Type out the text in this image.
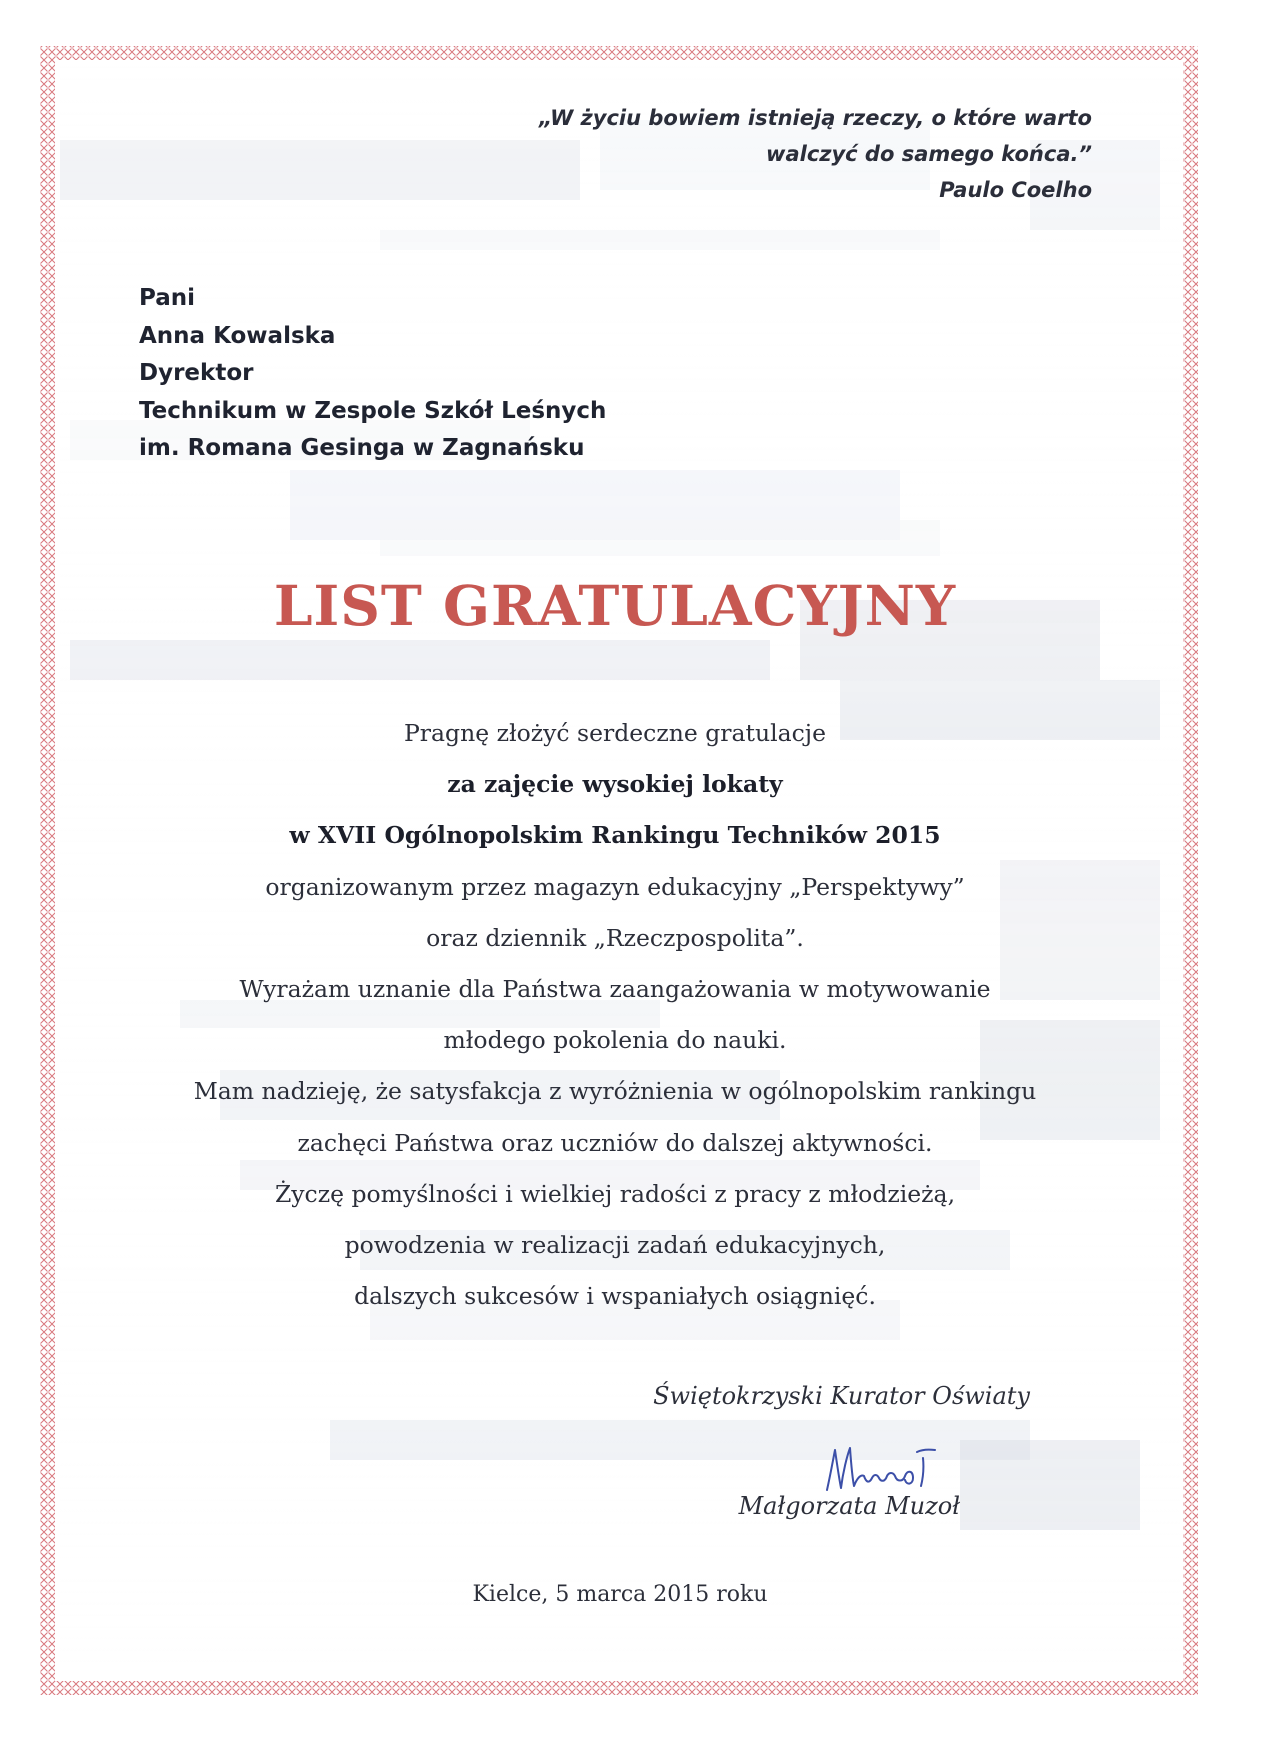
„W życiu bowiem istnieją rzeczy, o które warto
walczyć do samego końca.”
Paulo Coelho
Pani
Anna Kowalska
Dyrektor
Technikum w Zespole Szkół Leśnych
im. Romana Gesinga w Zagnańsku
LIST GRATULACYJNY
Pragnę złożyć serdeczne gratulacje
za zajęcie wysokiej lokaty
w XVII Ogólnopolskim Rankingu Techników 2015
organizowanym przez magazyn edukacyjny „Perspektywy”
oraz dziennik „Rzeczpospolita”.
Wyrażam uznanie dla Państwa zaangażowania w motywowanie
młodego pokolenia do nauki.
Mam nadzieję, że satysfakcja z wyróżnienia w ogólnopolskim rankingu
zachęci Państwa oraz uczniów do dalszej aktywności.
Życzę pomyślności i wielkiej radości z pracy z młodzieżą,
powodzenia w realizacji zadań edukacyjnych,
dalszych sukcesów i wspaniałych osiągnięć.
Świętokrzyski Kurator Oświaty
Małgorzata Muzoł
Kielce, 5 marca 2015 roku
